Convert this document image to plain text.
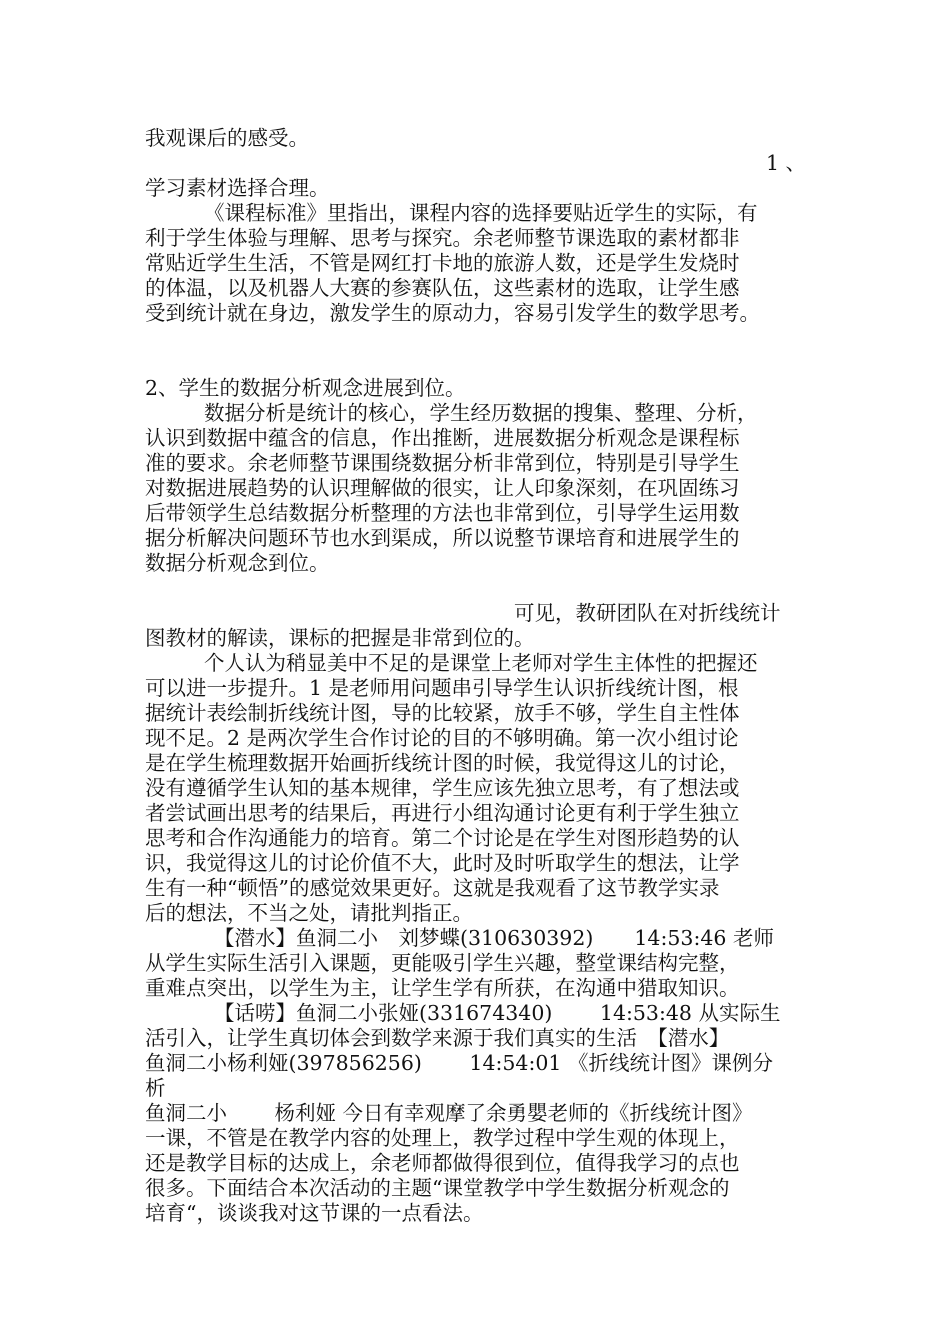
我观课后的感受。
1 、
学习素材选择合理。
《课程标准》里指出，课程内容的选择要贴近学生的实际，有
利于学生体验与理解、思考与探究。余老师整节课选取的素材都非
常贴近学生生活，不管是网红打卡地的旅游人数，还是学生发烧时
的体温，以及机器人大赛的参赛队伍，这些素材的选取，让学生感
受到统计就在身边，激发学生的原动力，容易引发学生的数学思考。
2、学生的数据分析观念进展到位。
数据分析是统计的核心，学生经历数据的搜集、整理、分析，
认识到数据中蕴含的信息，作出推断，进展数据分析观念是课程标
准的要求。余老师整节课围绕数据分析非常到位，特别是引导学生
对数据进展趋势的认识理解做的很实，让人印象深刻，在巩固练习
后带领学生总结数据分析整理的方法也非常到位，引导学生运用数
据分析解决问题环节也水到渠成，所以说整节课培育和进展学生的
数据分析观念到位。
可见，教研团队在对折线统计
图教材的解读，课标的把握是非常到位的。
个人认为稍显美中不足的是课堂上老师对学生主体性的把握还
可以进一步提升。1 是老师用问题串引导学生认识折线统计图，根
据统计表绘制折线统计图，导的比较紧，放手不够，学生自主性体
现不足。2 是两次学生合作讨论的目的不够明确。第一次小组讨论
是在学生梳理数据开始画折线统计图的时候，我觉得这儿的讨论，
没有遵循学生认知的基本规律，学生应该先独立思考，有了想法或
者尝试画出思考的结果后，再进行小组沟通讨论更有利于学生独立
思考和合作沟通能力的培育。第二个讨论是在学生对图形趋势的认
识，我觉得这儿的讨论价值不大，此时及时听取学生的想法，让学
生有一种“顿悟”的感觉效果更好。这就是我观看了这节教学实录
后的想法，不当之处，请批判指正。
【潜水】鱼洞二小　刘梦蝶(310630392)　　14:53:46 老师
从学生实际生活引入课题，更能吸引学生兴趣，整堂课结构完整，
重难点突出，以学生为主，让学生学有所获，在沟通中猎取知识。
【话唠】鱼洞二小张娅(331674340)　　 14:53:48 从实际生
活引入，让学生真切体会到数学来源于我们真实的生活　【潜水】
鱼洞二小杨利娅(397856256)　　 14:54:01 《折线统计图》课例分
析
鱼洞二小　　 杨利娅 今日有幸观摩了余勇嬰老师的《折线统计图》
一课，不管是在教学内容的处理上，教学过程中学生观的体现上，
还是教学目标的达成上，余老师都做得很到位，值得我学习的点也
很多。下面结合本次活动的主题“课堂教学中学生数据分析观念的
培育“，谈谈我对这节课的一点看法。
